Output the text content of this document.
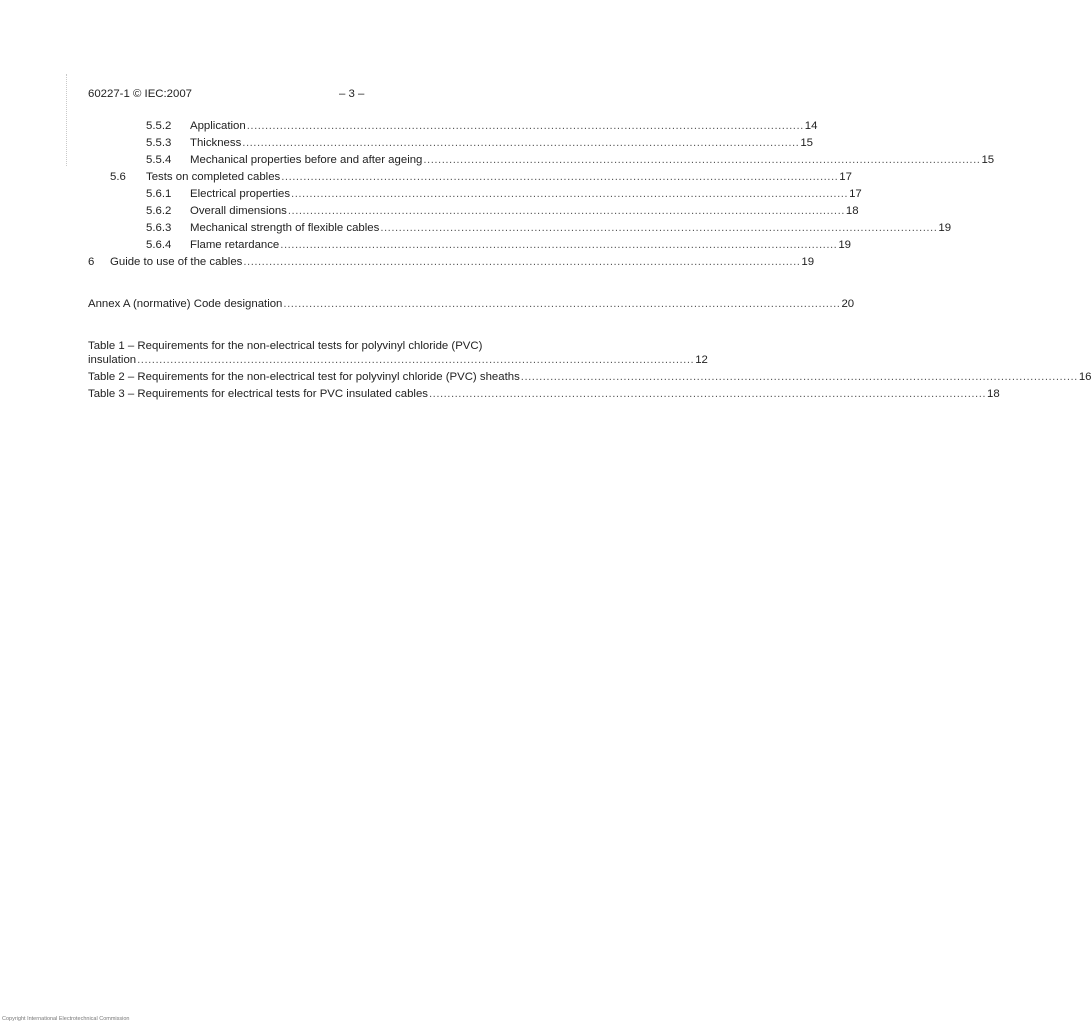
60227-1 © IEC:2007	– 3 –
5.5.2	Application ........................................................................................................................................................ 14
5.5.3	Thickness ........................................................................................................................................................ 15
5.5.4	Mechanical properties before and after ageing ........................................................................................................................................................ 15
5.6	Tests on completed cables ........................................................................................................................................................ 17
5.6.1	Electrical properties ........................................................................................................................................................ 17
5.6.2	Overall dimensions ........................................................................................................................................................ 18
5.6.3	Mechanical strength of flexible cables ........................................................................................................................................................ 19
5.6.4	Flame retardance ........................................................................................................................................................ 19
6	Guide to use of the cables ........................................................................................................................................................ 19
Annex A (normative) Code designation ........................................................................................................................................................ 20
Table 1 – Requirements for the non-electrical tests for polyvinyl chloride (PVC)
insulation ........................................................................................................................................................ 12
Table 2 – Requirements for the non-electrical test for polyvinyl chloride (PVC) sheaths ........................................................................................................................................................ 16
Table 3 – Requirements for electrical tests for PVC insulated cables ........................................................................................................................................................ 18
Copyright International Electrotechnical Commission
